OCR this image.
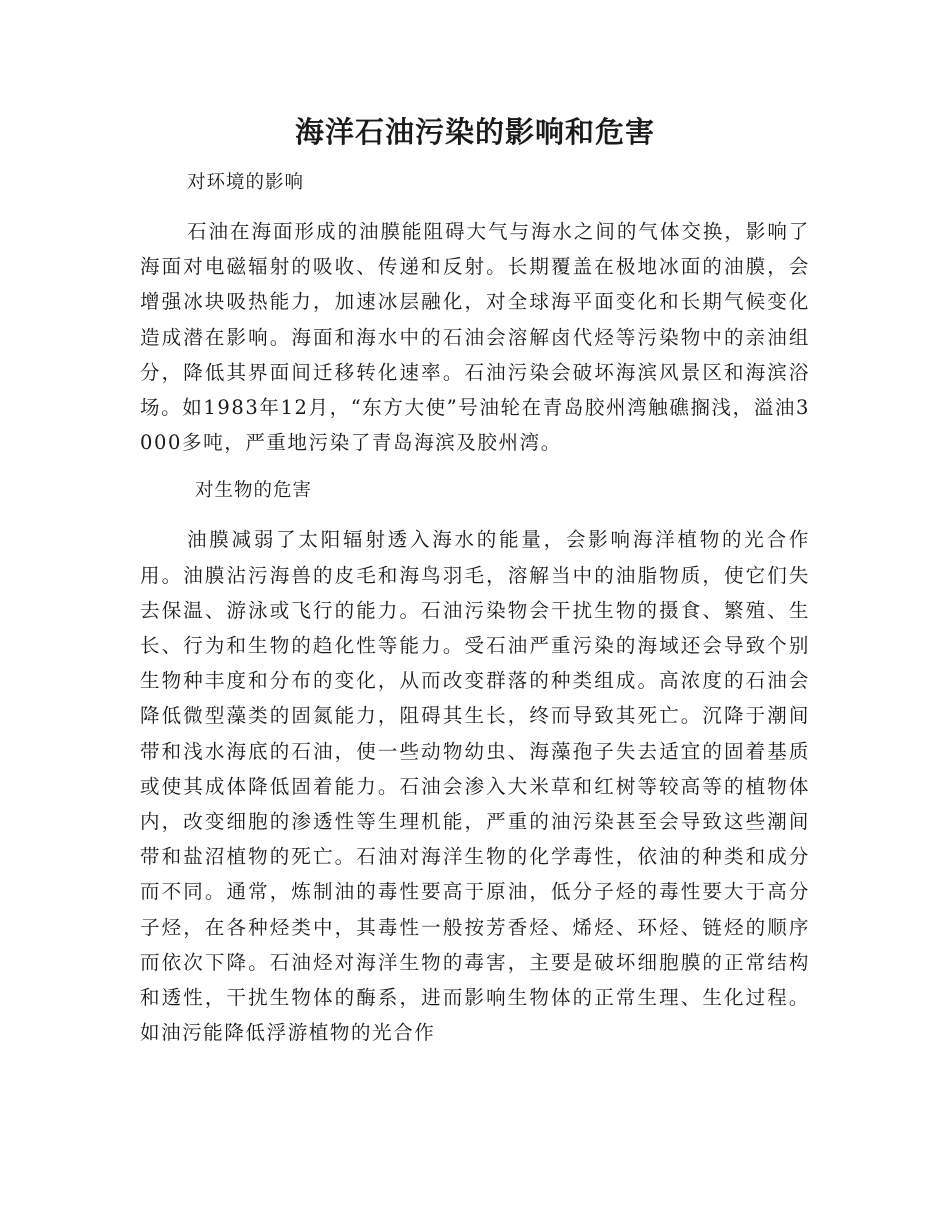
海洋石油污染的影响和危害
对环境的影响

石油在海面形成的油膜能阻碍大气与海水之间的气体交换，影响了海面对电磁辐射的吸收、传递和反射。长期覆盖在极地冰面的油膜，会增强冰块吸热能力，加速冰层融化，对全球海平面变化和长期气候变化造成潜在影响。海面和海水中的石油会溶解卤代烃等污染物中的亲油组分，降低其界面间迁移转化速率。石油污染会破坏海滨风景区和海滨浴场。如1983年12月，“东方大使”号油轮在青岛胶州湾触礁搁浅，溢油3000多吨，严重地污染了青岛海滨及胶州湾。

对生物的危害

油膜减弱了太阳辐射透入海水的能量，会影响海洋植物的光合作用。油膜沾污海兽的皮毛和海鸟羽毛，溶解当中的油脂物质，使它们失去保温、游泳或飞行的能力。石油污染物会干扰生物的摄食、繁殖、生长、行为和生物的趋化性等能力。受石油严重污染的海域还会导致个别生物种丰度和分布的变化，从而改变群落的种类组成。高浓度的石油会降低微型藻类的固氮能力，阻碍其生长，终而导致其死亡。沉降于潮间带和浅水海底的石油，使一些动物幼虫、海藻孢子失去适宜的固着基质或使其成体降低固着能力。石油会渗入大米草和红树等较高等的植物体内，改变细胞的渗透性等生理机能，严重的油污染甚至会导致这些潮间带和盐沼植物的死亡。石油对海洋生物的化学毒性，依油的种类和成分而不同。通常，炼制油的毒性要高于原油，低分子烃的毒性要大于高分子烃，在各种烃类中，其毒性一般按芳香烃、烯烃、环烃、链烃的顺序而依次下降。石油烃对海洋生物的毒害，主要是破坏细胞膜的正常结构和透性，干扰生物体的酶系，进而影响生物体的正常生理、生化过程。如油污能降低浮游植物的光合作
